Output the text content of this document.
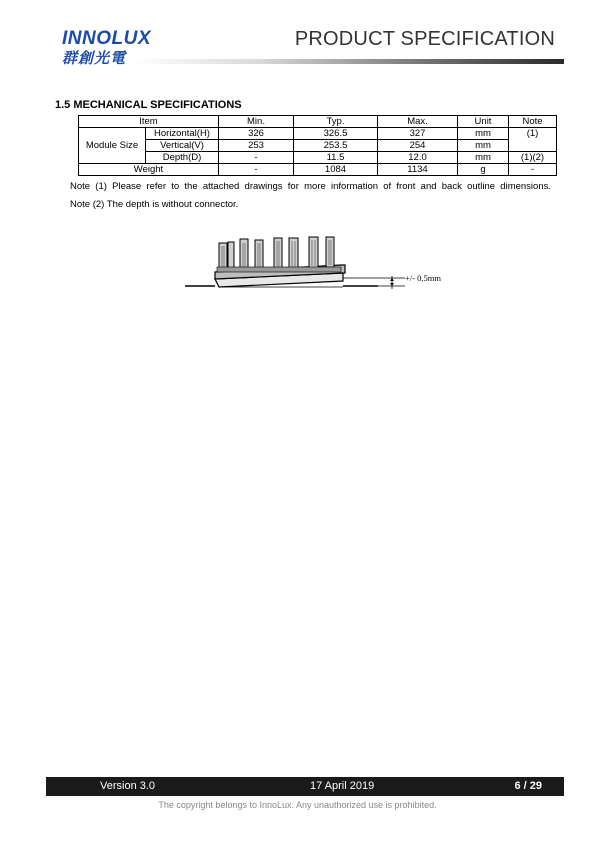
INNOLUX
群創光電
PRODUCT SPECIFICATION
1.5 MECHANICAL SPECIFICATIONS
Item		Min.	Typ.	Max.	Unit	Note
Module Size	Horizontal(H)	326	326.5	327	mm	(1)
	Vertical(V)	253	253.5	254	mm	
	Depth(D)	-	11.5	12.0	mm	(1)(2)
Weight		-	1084	1134	g	-
Note (1) Please refer to the attached drawings for more information of front and back outline dimensions.
Note (2) The depth is without connector.
+/- 0.5mm
Version 3.0	17 April 2019	6 / 29
The copyright belongs to InnoLux. Any unauthorized use is prohibited.
